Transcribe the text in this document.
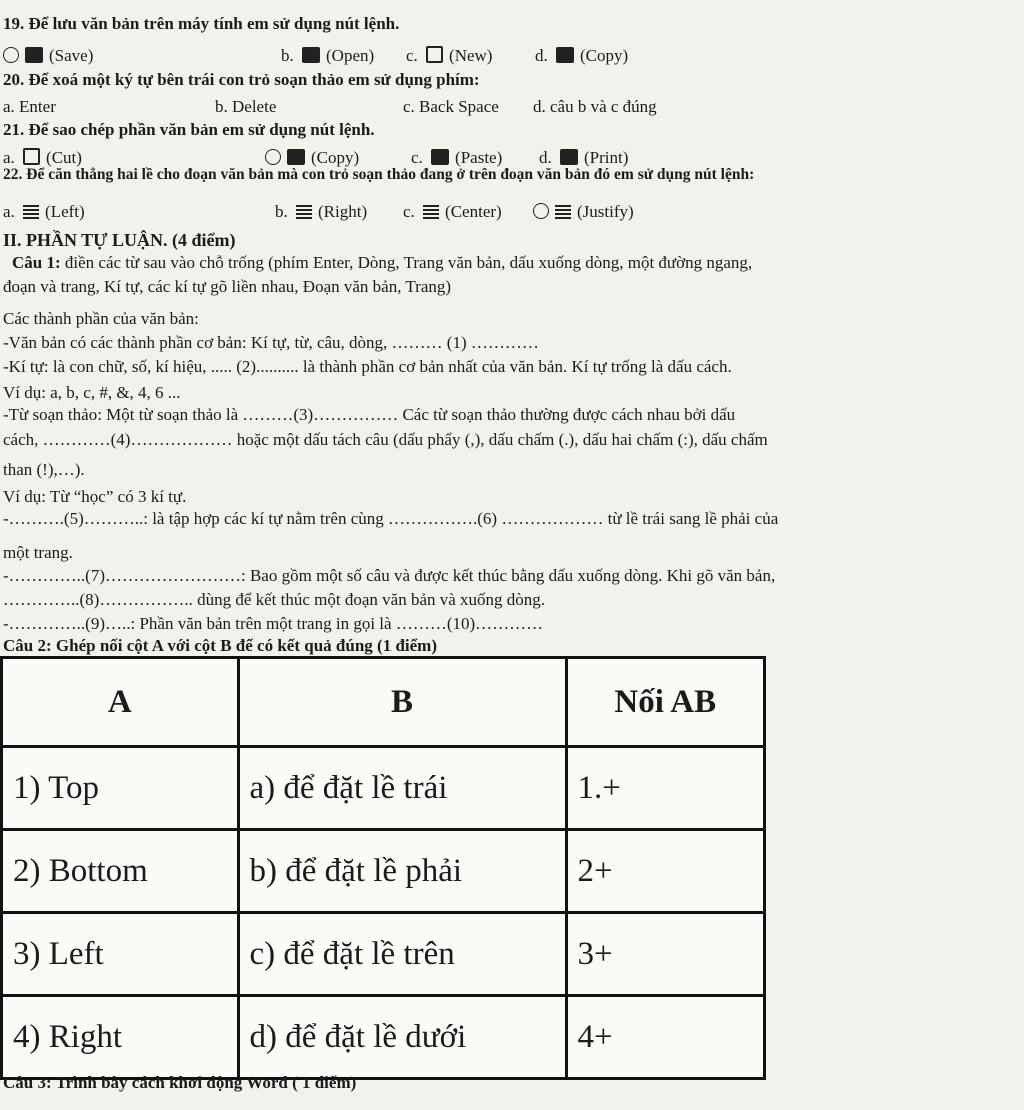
19. Để lưu văn bản trên máy tính em sử dụng nút lệnh.
(Save)	b. (Open) c. (New)	d. (Copy)
20. Để xoá một ký tự bên trái con trỏ soạn thảo em sử dụng phím:
a. Enter	b. Delete	c. Back Space d. câu b và c đúng
21. Để sao chép phần văn bản em sử dụng nút lệnh.
a. (Cut)	(Copy)	c. (Paste) d. (Print)
22. Để căn thẳng hai lề cho đoạn văn bản mà con trỏ soạn thảo đang ở trên đoạn văn bản đó em sử dụng nút lệnh:
a. (Left)	b. (Right) c. (Center)	(Justify)
II. PHẦN TỰ LUẬN. (4 điểm)
Câu 1: điền các từ sau vào chỗ trống (phím Enter, Dòng, Trang văn bản, dấu xuống dòng, một đường ngang,
đoạn và trang, Kí tự, các kí tự gõ liền nhau, Đoạn văn bản, Trang)
Các thành phần của văn bản:
-Văn bản có các thành phần cơ bản: Kí tự, từ, câu, dòng, ……… (1) …………
-Kí tự: là con chữ, số, kí hiệu, ..... (2).......... là thành phần cơ bản nhất của văn bản. Kí tự trống là dấu cách.
Ví dụ: a, b, c, #, &, 4, 6 ...
-Từ soạn thảo: Một từ soạn thảo là ………(3)…………… Các từ soạn thảo thường được cách nhau bởi dấu
cách, …………(4)……………… hoặc một dấu tách câu (dấu phẩy (,), dấu chấm (.), dấu hai chấm (:), dấu chấm
than (!),…).
Ví dụ: Từ “học” có 3 kí tự.
-……….(5)………..: là tập hợp các kí tự nằm trên cùng …………….(6) ……………… từ lề trái sang lề phải của
một trang.
-…………..(7)……………………: Bao gồm một số câu và được kết thúc bằng dấu xuống dòng. Khi gõ văn bản,
…………..(8)…………….. dùng để kết thúc một đoạn văn bản và xuống dòng.
-…………..(9)…..: Phần văn bản trên một trang in gọi là ………(10)…………
Câu 2: Ghép nối cột A với cột B để có kết quả đúng (1 điểm)
A	B	Nối AB
1) Top	a) để đặt lề trái	1.+
2) Bottom	b) để đặt lề phải	2+
3) Left	c) để đặt lề trên	3+
4) Right	d) để đặt lề dưới	4+
Câu 3: Trình bày cách khởi động Word ( 1 điểm)
